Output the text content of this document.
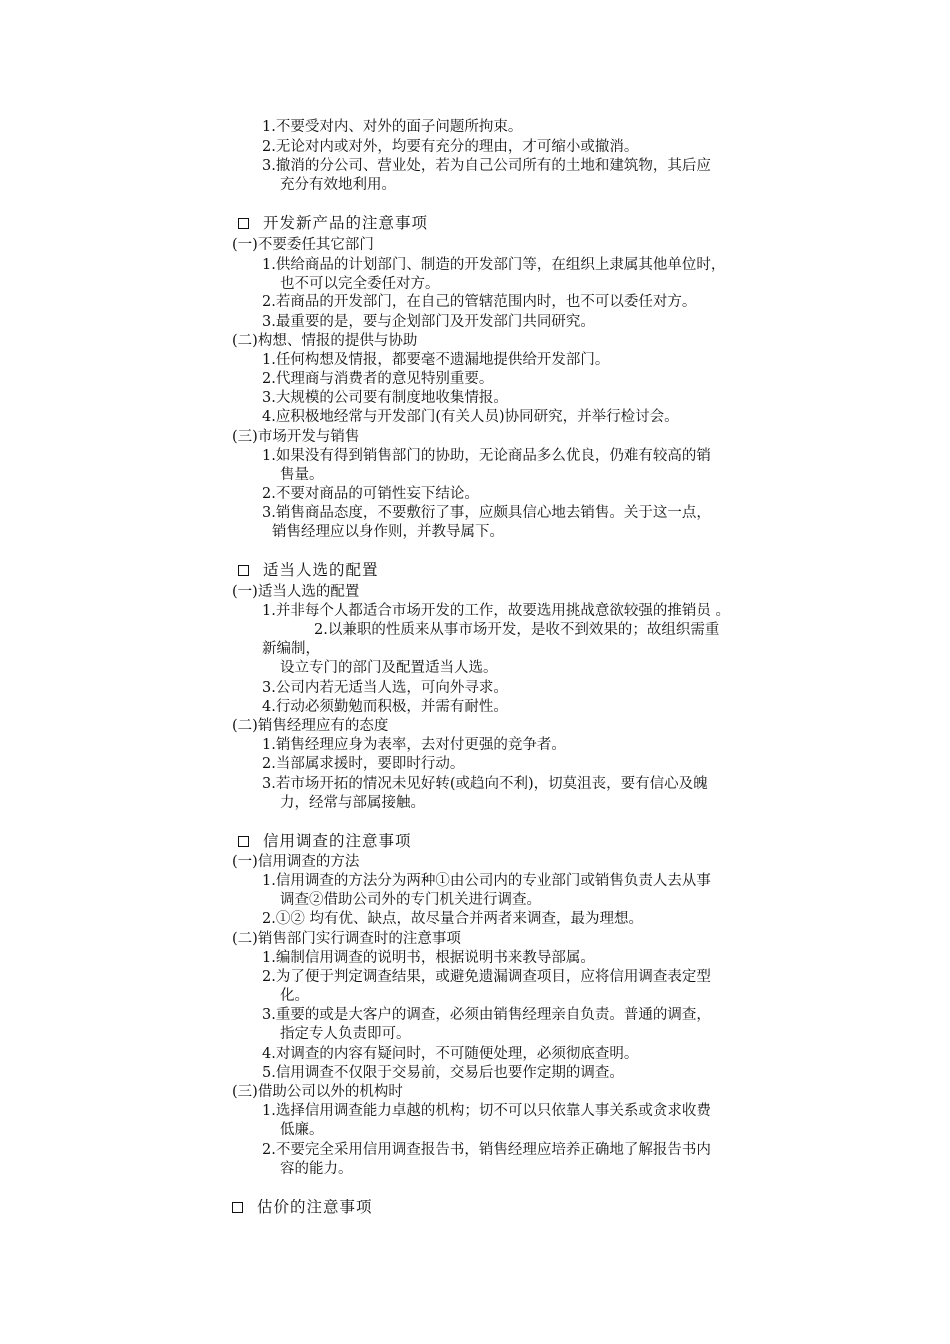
1.不要受对内、对外的面子问题所拘束。
2.无论对内或对外，均要有充分的理由，才可缩小或撤消。
3.撤消的分公司、营业处，若为自己公司所有的土地和建筑物，其后应
充分有效地利用。
开发新产品的注意事项
(一)不要委任其它部门
1.供给商品的计划部门、制造的开发部门等，在组织上隶属其他单位时，
也不可以完全委任对方。
2.若商品的开发部门，在自己的管辖范围内时，也不可以委任对方。
3.最重要的是，要与企划部门及开发部门共同研究。
(二)构想、情报的提供与协助
1.任何构想及情报，都要毫不遗漏地提供给开发部门。
2.代理商与消费者的意见特别重要。
3.大规模的公司要有制度地收集情报。
4.应积极地经常与开发部门(有关人员)协同研究，并举行检讨会。
(三)市场开发与销售
1.如果没有得到销售部门的协助，无论商品多么优良，仍难有较高的销
售量。
2.不要对商品的可销性妄下结论。
3.销售商品态度，不要敷衍了事，应颇具信心地去销售。关于这一点，
销售经理应以身作则，并教导属下。
适当人选的配置
(一)适当人选的配置
1.并非每个人都适合市场开发的工作，故要选用挑战意欲较强的推销员 。
2.以兼职的性质来从事市场开发，是收不到效果的；故组织需重
新编制，
设立专门的部门及配置适当人选。
3.公司内若无适当人选，可向外寻求。
4.行动必须勤勉而积极，并需有耐性。
(二)销售经理应有的态度
1.销售经理应身为表率，去对付更强的竞争者。
2.当部属求援时，要即时行动。
3.若市场开拓的情况未见好转(或趋向不利)，切莫沮丧，要有信心及魄
力，经常与部属接触。
信用调查的注意事项
(一)信用调查的方法
1.信用调查的方法分为两种①由公司内的专业部门或销售负责人去从事
调查②借助公司外的专门机关进行调查。
2.①② 均有优、缺点，故尽量合并两者来调查，最为理想。
(二)销售部门实行调查时的注意事项
1.编制信用调查的说明书，根据说明书来教导部属。
2.为了便于判定调查结果，或避免遗漏调查项目，应将信用调查表定型
化。
3.重要的或是大客户的调查，必须由销售经理亲自负责。普通的调查，
指定专人负责即可。
4.对调查的内容有疑问时，不可随便处理，必须彻底查明。
5.信用调查不仅限于交易前，交易后也要作定期的调查。
(三)借助公司以外的机构时
1.选择信用调查能力卓越的机构；切不可以只依靠人事关系或贪求收费
低廉。
2.不要完全采用信用调查报告书，销售经理应培养正确地了解报告书内
容的能力。
估价的注意事项
